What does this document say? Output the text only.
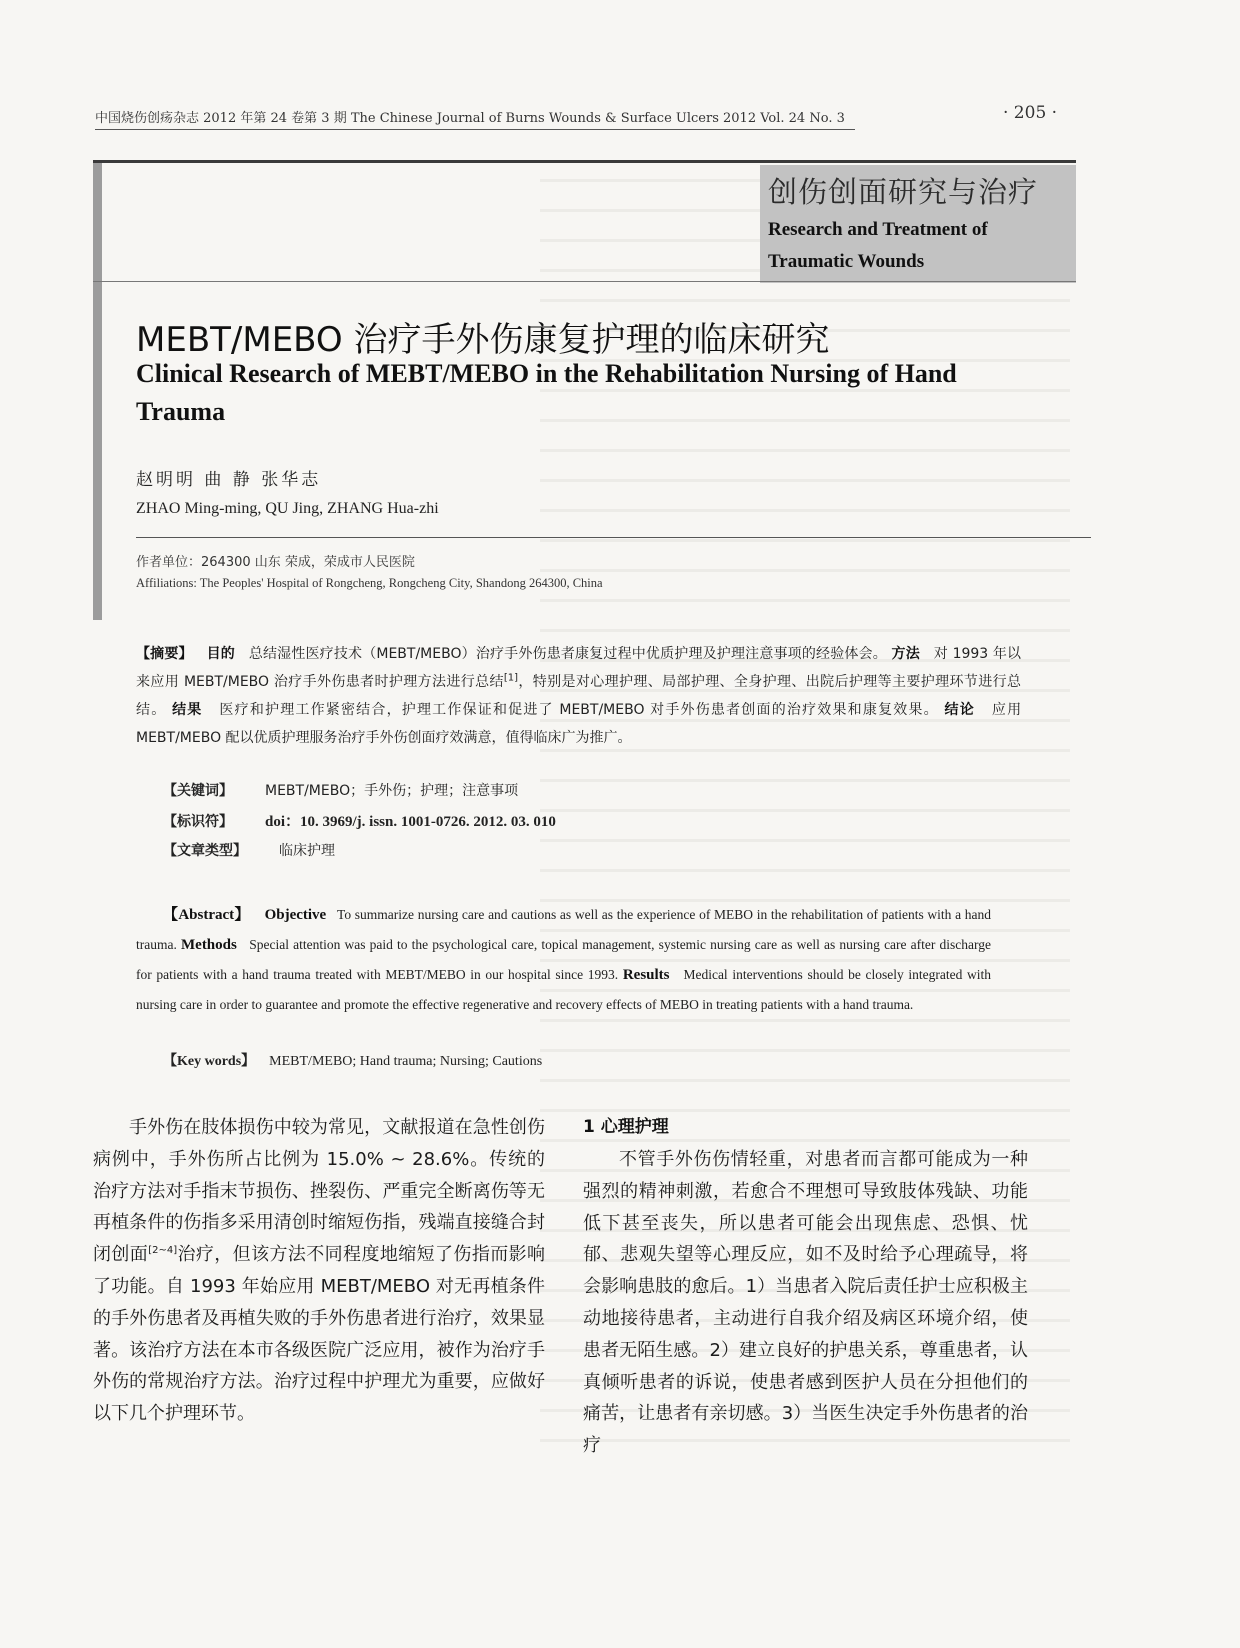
中国烧伤创疡杂志 2012 年第 24 卷第 3 期 The Chinese Journal of Burns Wounds & Surface Ulcers 2012 Vol. 24 No. 3	· 205 ·
创伤创面研究与治疗
Research and Treatment of Traumatic Wounds
MEBT/MEBO 治疗手外伤康复护理的临床研究
Clinical Research of MEBT/MEBO in the Rehabilitation Nursing of Hand Trauma
赵明明 曲 静 张华志
ZHAO Ming-ming, QU Jing, ZHANG Hua-zhi
作者单位：264300 山东 荣成，荣成市人民医院
Affiliations: The Peoples' Hospital of Rongcheng, Rongcheng City, Shandong 264300, China
【摘要】 目的 总结湿性医疗技术（MEBT/MEBO）治疗手外伤患者康复过程中优质护理及护理注意事项的经验体会。 方法 对 1993 年以来应用 MEBT/MEBO 治疗手外伤患者时护理方法进行总结[1]，特别是对心理护理、局部护理、全身护理、出院后护理等主要护理环节进行总结。 结果 医疗和护理工作紧密结合，护理工作保证和促进了 MEBT/MEBO 对手外伤患者创面的治疗效果和康复效果。 结论 应用 MEBT/MEBO 配以优质护理服务治疗手外伤创面疗效满意，值得临床广为推广。
【关键词】 MEBT/MEBO；手外伤；护理；注意事项
【标识符】 doi：10. 3969/j. issn. 1001-0726. 2012. 03. 010
【文章类型】 临床护理
【Abstract】 Objective To summarize nursing care and cautions as well as the experience of MEBO in the rehabilitation of patients with a hand trauma. Methods Special attention was paid to the psychological care, topical management, systemic nursing care as well as nursing care after discharge for patients with a hand trauma treated with MEBT/MEBO in our hospital since 1993. Results Medical interventions should be closely integrated with nursing care in order to guarantee and promote the effective regenerative and recovery effects of MEBO in treating patients with a hand trauma.
【Key words】 MEBT/MEBO; Hand trauma; Nursing; Cautions
手外伤在肢体损伤中较为常见，文献报道在急性创伤病例中，手外伤所占比例为 15.0% ~ 28.6%。传统的治疗方法对手指末节损伤、挫裂伤、严重完全断离伤等无再植条件的伤指多采用清创时缩短伤指，残端直接缝合封闭创面[2~4]治疗，但该方法不同程度地缩短了伤指而影响了功能。自 1993 年始应用 MEBT/MEBO 对无再植条件的手外伤患者及再植失败的手外伤患者进行治疗，效果显著。该治疗方法在本市各级医院广泛应用，被作为治疗手外伤的常规治疗方法。治疗过程中护理尤为重要，应做好以下几个护理环节。
1 心理护理
不管手外伤伤情轻重，对患者而言都可能成为一种强烈的精神刺激，若愈合不理想可导致肢体残缺、功能低下甚至丧失，所以患者可能会出现焦虑、恐惧、忧郁、悲观失望等心理反应，如不及时给予心理疏导，将会影响患肢的愈后。1）当患者入院后责任护士应积极主动地接待患者，主动进行自我介绍及病区环境介绍，使患者无陌生感。2）建立良好的护患关系，尊重患者，认真倾听患者的诉说，使患者感到医护人员在分担他们的痛苦，让患者有亲切感。3）当医生决定手外伤患者的治疗
